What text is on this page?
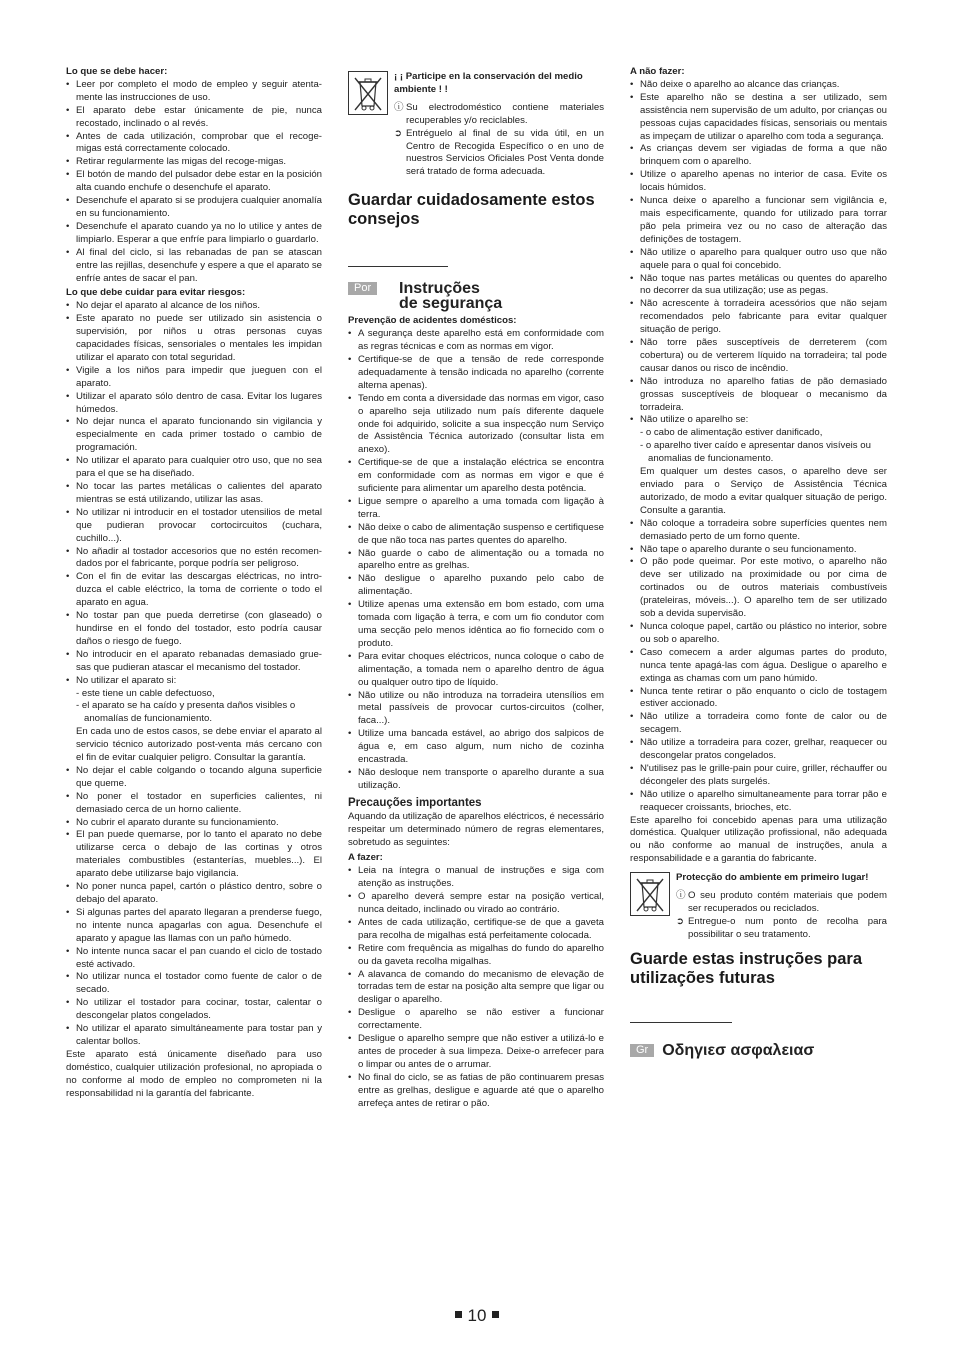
Lo que se debe hacer:

• Leer por completo el modo de empleo y seguir atenta-mente las instrucciones de uso.
• El aparato debe estar únicamente de pie, nunca recostado, inclinado o al revés.
• Antes de cada utilización, comprobar que el recoge-migas está correctamente colocado.
• Retirar regularmente las migas del recoge-migas.
• El botón de mando del pulsador debe estar en la posición alta cuando enchufe o desenchufe el aparato.
• Desenchufe el aparato si se produjera cualquier anomalía en su funcionamiento.
• Desenchufe el aparato cuando ya no lo utilice y antes de limpiarlo. Esperar a que enfríe para limpiarlo o guardarlo.
• Al final del ciclo, si las rebanadas de pan se atascan entre las rejillas, desenchufe y espere a que el aparato se enfríe antes de sacar el pan.

Lo que debe cuidar para evitar riesgos:

• No dejar el aparato al alcance de los niños.
• Este aparato no puede ser utilizado sin asistencia o supervisión, por niños u otras personas cuyas capacidades físicas, sensoriales o mentales les impidan utilizar el aparato con total seguridad.
• Vigile a los niños para impedir que jueguen con el aparato.
• Utilizar el aparato sólo dentro de casa. Evitar los lugares húmedos.
• No dejar nunca el aparato funcionando sin vigilancia y especialmente en cada primer tostado o cambio de programación.
• No utilizar el aparato para cualquier otro uso, que no sea para el que se ha diseñado.
• No tocar las partes metálicas o calientes del aparato mientras se está utilizando, utilizar las asas.
• No utilizar ni introducir en el tostador utensilios de metal que pudieran provocar cortocircuitos (cuchara, cuchillo...).
• No añadir al tostador accesorios que no estén recomen-dados por el fabricante, porque podría ser peligroso.
• Con el fin de evitar las descargas eléctricas, no intro-duzca el cable eléctrico, la toma de corriente o todo el aparato en agua.
• No tostar pan que pueda derretirse (con glaseado) o hundirse en el fondo del tostador, esto podría causar daños o riesgo de fuego.
• No introducir en el aparato rebanadas demasiado grue-sas que pudieran atascar el mecanismo del tostador.
• No utilizar el aparato si:
- este tiene un cable defectuoso,
- el aparato se ha caído y presenta daños visibles o anomalías de funcionamiento.
En cada uno de estos casos, se debe enviar el aparato al servicio técnico autorizado post-venta más cercano con el fin de evitar cualquier peligro. Consultar la garantía.
• No dejar el cable colgando o tocando alguna superficie que queme.
• No poner el tostador en superficies calientes, ni demasiado cerca de un horno caliente.
• No cubrir el aparato durante su funcionamiento.
• El pan puede quemarse, por lo tanto el aparato no debe utilizarse cerca o debajo de las cortinas y otros materiales combustibles (estanterías, muebles...). El aparato debe utilizarse bajo vigilancia.
• No poner nunca papel, cartón o plástico dentro, sobre o debajo del aparato.
• Si algunas partes del aparato llegaran a prenderse fuego, no intente nunca apagarlas con agua. Desenchufe el aparato y apague las llamas con un paño húmedo.
• No intente nunca sacar el pan cuando el ciclo de tostado esté activado.
• No utilizar nunca el tostador como fuente de calor o de secado.
• No utilizar el tostador para cocinar, tostar, calentar o descongelar platos congelados.
• No utilizar el aparato simultáneamente para tostar pan y calentar bollos.

Este aparato está únicamente diseñado para uso doméstico, cualquier utilización profesional, no apropiada o no conforme al modo de empleo no comprometen ni la responsabilidad ni la garantía del fabricante.

¡ ¡ Participe en la conservación del medio ambiente ! !
ⓘ Su electrodoméstico contiene materiales recuperables y/o reciclables.
➲ Entréguelo al final de su vida útil, en un Centro de Recogida Específico o en uno de nuestros Servicios Oficiales Post Venta donde será tratado de forma adecuada.
Guardar cuidadosamente estos consejos
Por	Instruções
de segurança

Prevenção de acidentes domésticos:

• A segurança deste aparelho está em conformidade com as regras técnicas e com as normas em vigor.
• Certifique-se de que a tensão de rede corresponde adequadamente à tensão indicada no aparelho (corrente alterna apenas).
• Tendo em conta a diversidade das normas em vigor, caso o aparelho seja utilizado num país diferente daquele onde foi adquirido, solicite a sua inspecção num Serviço de Assistência Técnica autorizado (consultar lista em anexo).
• Certifique-se de que a instalação eléctrica se encontra em conformidade com as normas em vigor e que é suficiente para alimentar um aparelho desta potência.
• Ligue sempre o aparelho a uma tomada com ligação à terra.
• Não deixe o cabo de alimentação suspenso e certifiquese de que não toca nas partes quentes do aparelho.
• Não guarde o cabo de alimentação ou a tomada no aparelho entre as grelhas.
• Não desligue o aparelho puxando pelo cabo de alimentação.
• Utilize apenas uma extensão em bom estado, com uma tomada com ligação à terra, e com um fio condutor com uma secção pelo menos idêntica ao fio fornecido com o produto.
• Para evitar choques eléctricos, nunca coloque o cabo de alimentação, a tomada nem o aparelho dentro de água ou qualquer outro tipo de líquido.
• Não utilize ou não introduza na torradeira utensílios em metal passíveis de provocar curtos-circuitos (colher, faca...).
• Utilize uma bancada estável, ao abrigo dos salpicos de água e, em caso algum, num nicho de cozinha encastrada.
• Não desloque nem transporte o aparelho durante a sua utilização.

Precauções importantes

Aquando da utilização de aparelhos eléctricos, é necessário respeitar um determinado número de regras elementares, sobretudo as seguintes:

A fazer:

• Leia na íntegra o manual de instruções e siga com atenção as instruções.
• O aparelho deverá sempre estar na posição vertical, nunca deitado, inclinado ou virado ao contrário.
• Antes de cada utilização, certifique-se de que a gaveta para recolha de migalhas está perfeitamente colocada.
• Retire com frequência as migalhas do fundo do aparelho ou da gaveta recolha migalhas.
• A alavanca de comando do mecanismo de elevação de torradas tem de estar na posição alta sempre que ligar ou desligar o aparelho.
• Desligue o aparelho se não estiver a funcionar correctamente.
• Desligue o aparelho sempre que não estiver a utilizá-lo e antes de proceder à sua limpeza. Deixe-o arrefecer para o limpar ou antes de o arrumar.
• No final do ciclo, se as fatias de pão continuarem presas entre as grelhas, desligue e aguarde até que o aparelho arrefeça antes de retirar o pão.

A não fazer:

• Não deixe o aparelho ao alcance das crianças.
• Este aparelho não se destina a ser utilizado, sem assistência nem supervisão de um adulto, por crianças ou pessoas cujas capacidades físicas, sensoriais ou mentais as impeçam de utilizar o aparelho com toda a segurança.
• As crianças devem ser vigiadas de forma a que não brinquem com o aparelho.
• Utilize o aparelho apenas no interior de casa. Evite os locais húmidos.
• Nunca deixe o aparelho a funcionar sem vigilância e, mais especificamente, quando for utilizado para torrar pão pela primeira vez ou no caso de alteração das definições de tostagem.
• Não utilize o aparelho para qualquer outro uso que não aquele para o qual foi concebido.
• Não toque nas partes metálicas ou quentes do aparelho no decorrer da sua utilização; use as pegas.
• Não acrescente à torradeira acessórios que não sejam recomendados pelo fabricante para evitar qualquer situação de perigo.
• Não torre pães susceptíveis de derreterem (com cobertura) ou de verterem líquido na torradeira; tal pode causar danos ou risco de incêndio.
• Não introduza no aparelho fatias de pão demasiado grossas susceptíveis de bloquear o mecanismo da torradeira.
• Não utilize o aparelho se:
- o cabo de alimentação estiver danificado,
- o aparelho tiver caído e apresentar danos visíveis ou anomalias de funcionamento.
Em qualquer um destes casos, o aparelho deve ser enviado para o Serviço de Assistência Técnica autorizado, de modo a evitar qualquer situação de perigo. Consulte a garantia.
• Não coloque a torradeira sobre superfícies quentes nem demasiado perto de um forno quente.
• Não tape o aparelho durante o seu funcionamento.
• O pão pode queimar. Por este motivo, o aparelho não deve ser utilizado na proximidade ou por cima de cortinados ou de outros materiais combustíveis (prateleiras, móveis...). O aparelho tem de ser utilizado sob a devida supervisão.
• Nunca coloque papel, cartão ou plástico no interior, sobre ou sob o aparelho.
• Caso comecem a arder algumas partes do produto, nunca tente apagá-las com água. Desligue o aparelho e extinga as chamas com um pano húmido.
• Nunca tente retirar o pão enquanto o ciclo de tostagem estiver accionado.
• Não utilize a torradeira como fonte de calor ou de secagem.
• Não utilize a torradeira para cozer, grelhar, reaquecer ou descongelar pratos congelados.
• N'utilisez pas le grille-pain pour cuire, griller, réchauffer ou décongeler des plats surgelés.
• Não utilize o aparelho simultaneamente para torrar pão e reaquecer croissants, brioches, etc.

Este aparelho foi concebido apenas para uma utilização doméstica. Qualquer utilização profissional, não adequada ou não conforme ao manual de instruções, anula a responsabilidade e a garantia do fabricante.

Protecção do ambiente em primeiro lugar!
ⓘ O seu produto contém materiais que podem ser recuperados ou reciclados.
➲ Entregue-o num ponto de recolha para possibilitar o seu tratamento.
Guarde estas instruções para utilizações futuras
Gr Οδηγιεσ ασφαλειασ
10
